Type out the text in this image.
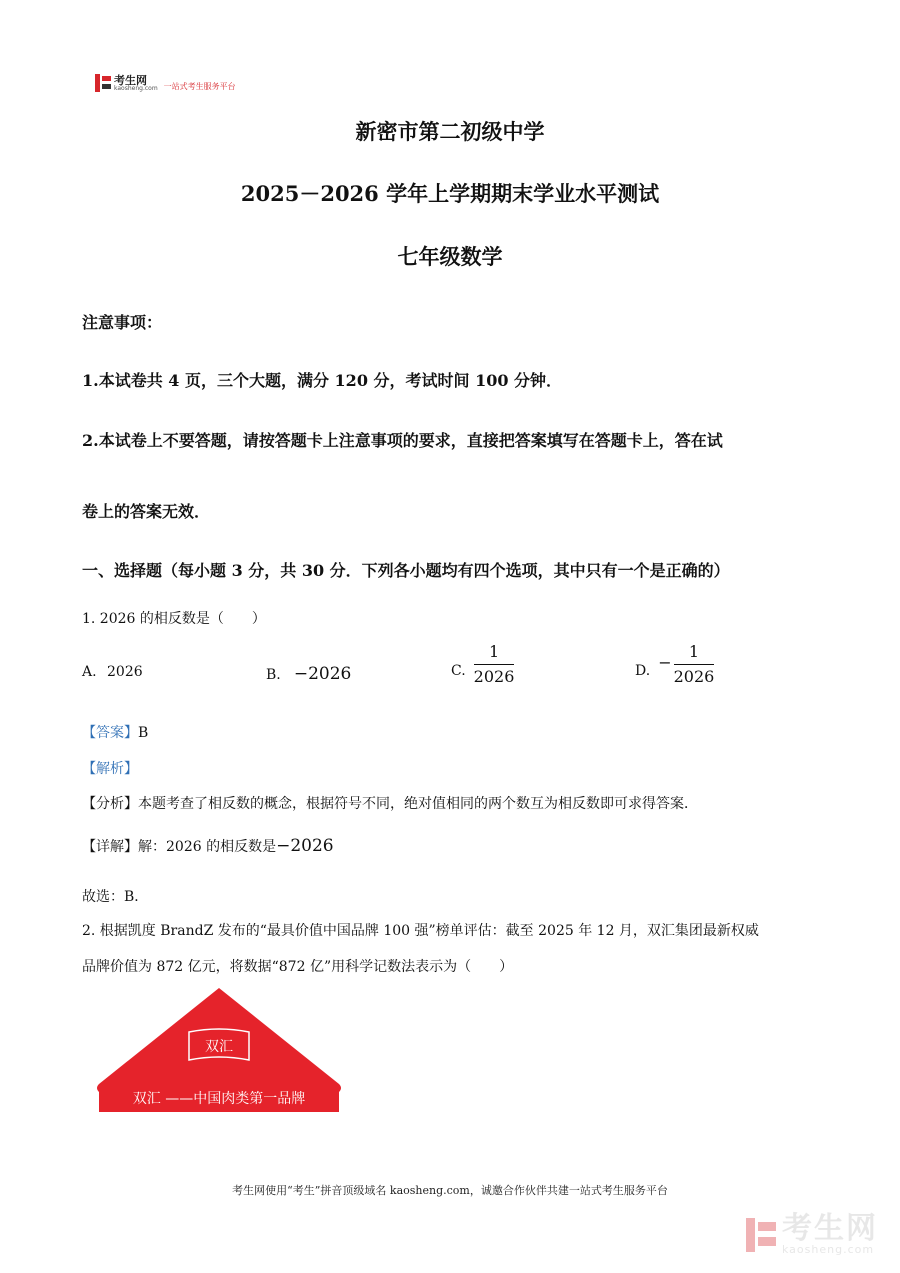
考生网
kaosheng.com 一站式考生服务平台
新密市第二初级中学
2025－2026 学年上学期期末学业水平测试
七年级数学
注意事项：
1.本试卷共 4 页，三个大题，满分 120 分，考试时间 100 分钟．
2.本试卷上不要答题，请按答题卡上注意事项的要求，直接把答案填写在答题卡上，答在试
卷上的答案无效．
一、选择题（每小题 3 分，共 30 分．下列各小题均有四个选项，其中只有一个是正确的）
1. 2026 的相反数是（　　）
A. 2026	B. −2026	C. $\frac{1}{2026}$	D. − $\frac{1}{2026}$
【答案】B
【解析】
【分析】本题考查了相反数的概念，根据符号不同，绝对值相同的两个数互为相反数即可求得答案．
【详解】解：2026 的相反数是−2026
故选：B．
2. 根据凯度 BrandZ 发布的“最具价值中国品牌 100 强”榜单评估：截至 2025 年 12 月，双汇集团最新权威
品牌价值为 872 亿元，将数据“872 亿”用科学记数法表示为（　　）
双汇
双汇 ——中国肉类第一品牌
考生网使用“考生”拼音顶级域名 kaosheng.com，诚邀合作伙伴共建一站式考生服务平台
考生网
kaosheng.com
